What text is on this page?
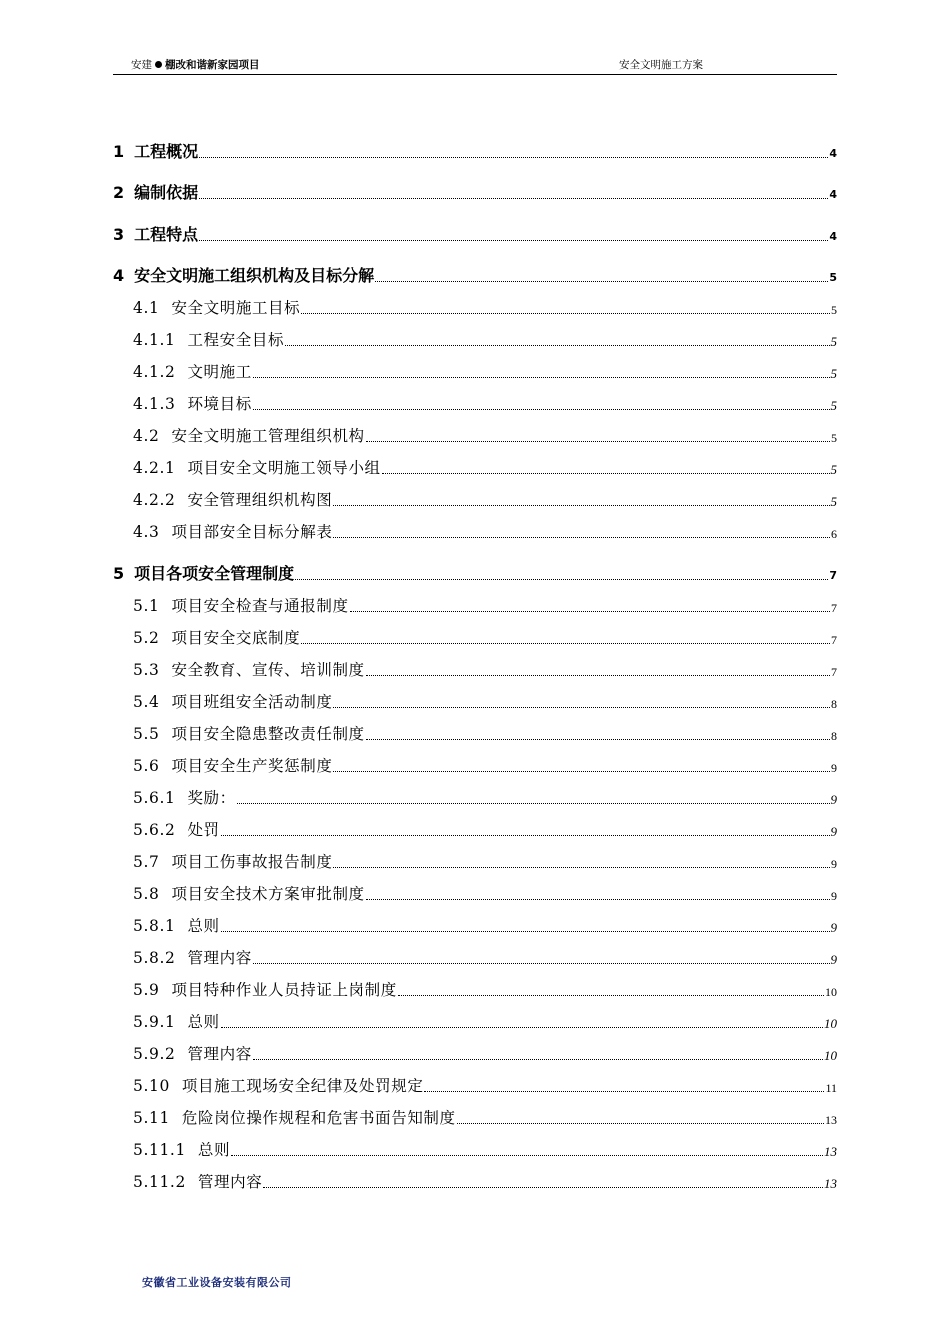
安建 棚改和谐新家园项目	安全文明施工方案
1 工程概况	4
2 编制依据	4
3 工程特点	4
4 安全文明施工组织机构及目标分解	5
4.1 安全文明施工目标	5
4.1.1 工程安全目标	5
4.1.2 文明施工	5
4.1.3 环境目标	5
4.2 安全文明施工管理组织机构	5
4.2.1 项目安全文明施工领导小组	5
4.2.2 安全管理组织机构图	5
4.3 项目部安全目标分解表	6
5 项目各项安全管理制度	7
5.1 项目安全检查与通报制度	7
5.2 项目安全交底制度	7
5.3 安全教育、宣传、培训制度	7
5.4 项目班组安全活动制度	8
5.5 项目安全隐患整改责任制度	8
5.6 项目安全生产奖惩制度	9
5.6.1 奖励：	9
5.6.2 处罚	9
5.7 项目工伤事故报告制度	9
5.8 项目安全技术方案审批制度	9
5.8.1 总则	9
5.8.2 管理内容	9
5.9 项目特种作业人员持证上岗制度	10
5.9.1 总则	10
5.9.2 管理内容	10
5.10 项目施工现场安全纪律及处罚规定	11
5.11 危险岗位操作规程和危害书面告知制度	13
5.11.1 总则	13
5.11.2 管理内容	13
安徽省工业设备安装有限公司
